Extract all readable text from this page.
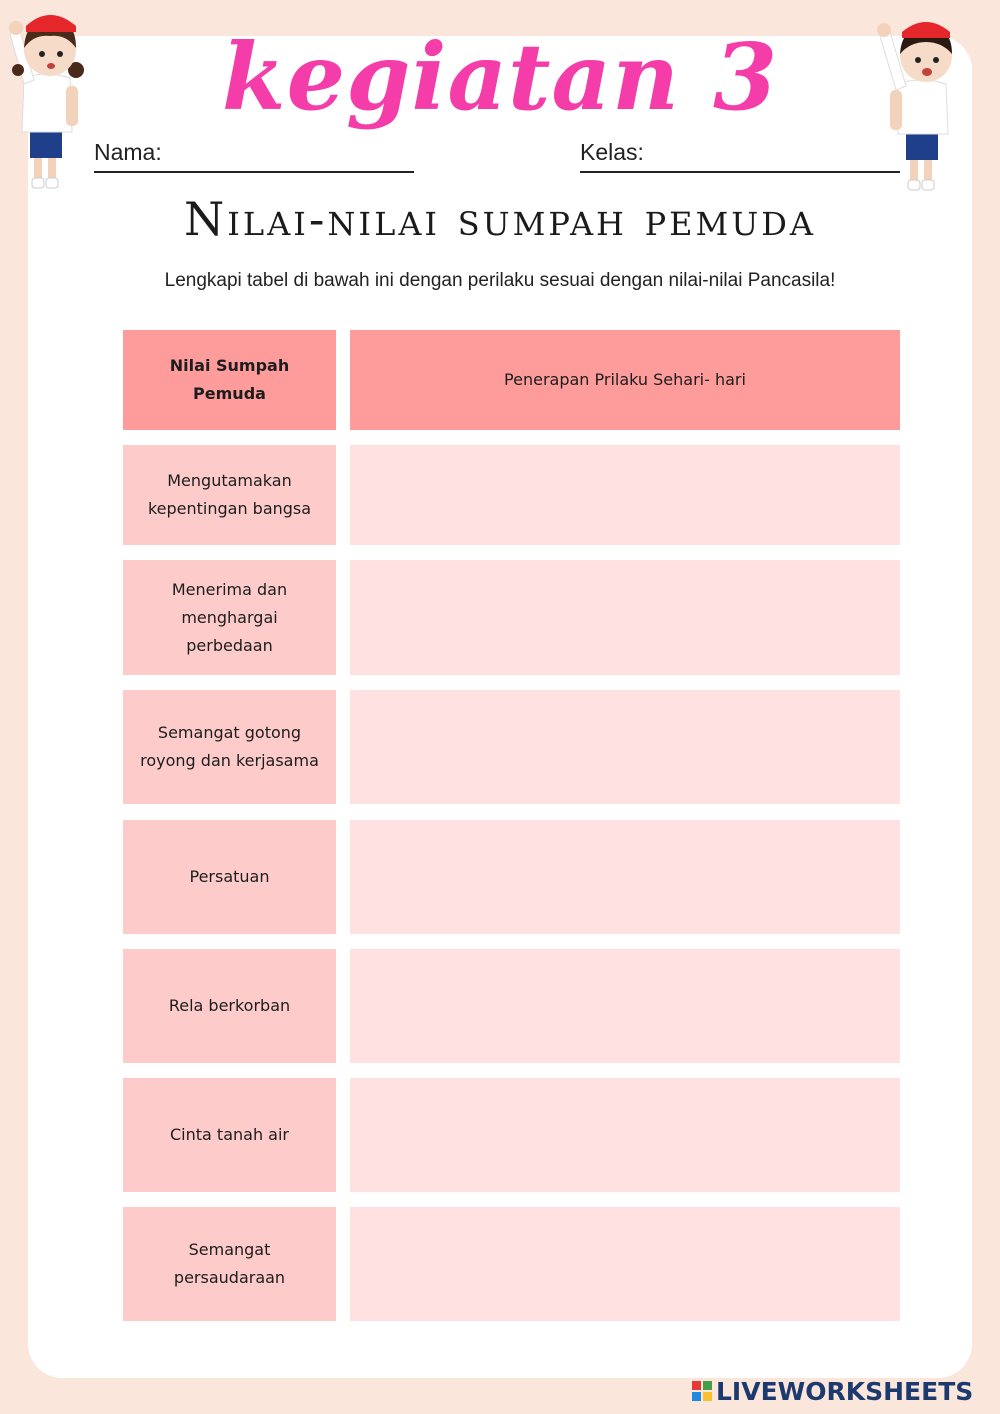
kegiatan 3
Nama:	Kelas:
Nilai-nilai sumpah pemuda
Lengkapi tabel di bawah ini dengan perilaku sesuai dengan nilai-nilai Pancasila!
Nilai Sumpah Pemuda
Penerapan Prilaku Sehari- hari
Mengutamakan kepentingan bangsa
Menerima dan menghargai perbedaan
Semangat gotong royong dan kerjasama
Persatuan
Rela berkorban
Cinta tanah air
Semangat persaudaraan
LIVEWORKSHEETS
